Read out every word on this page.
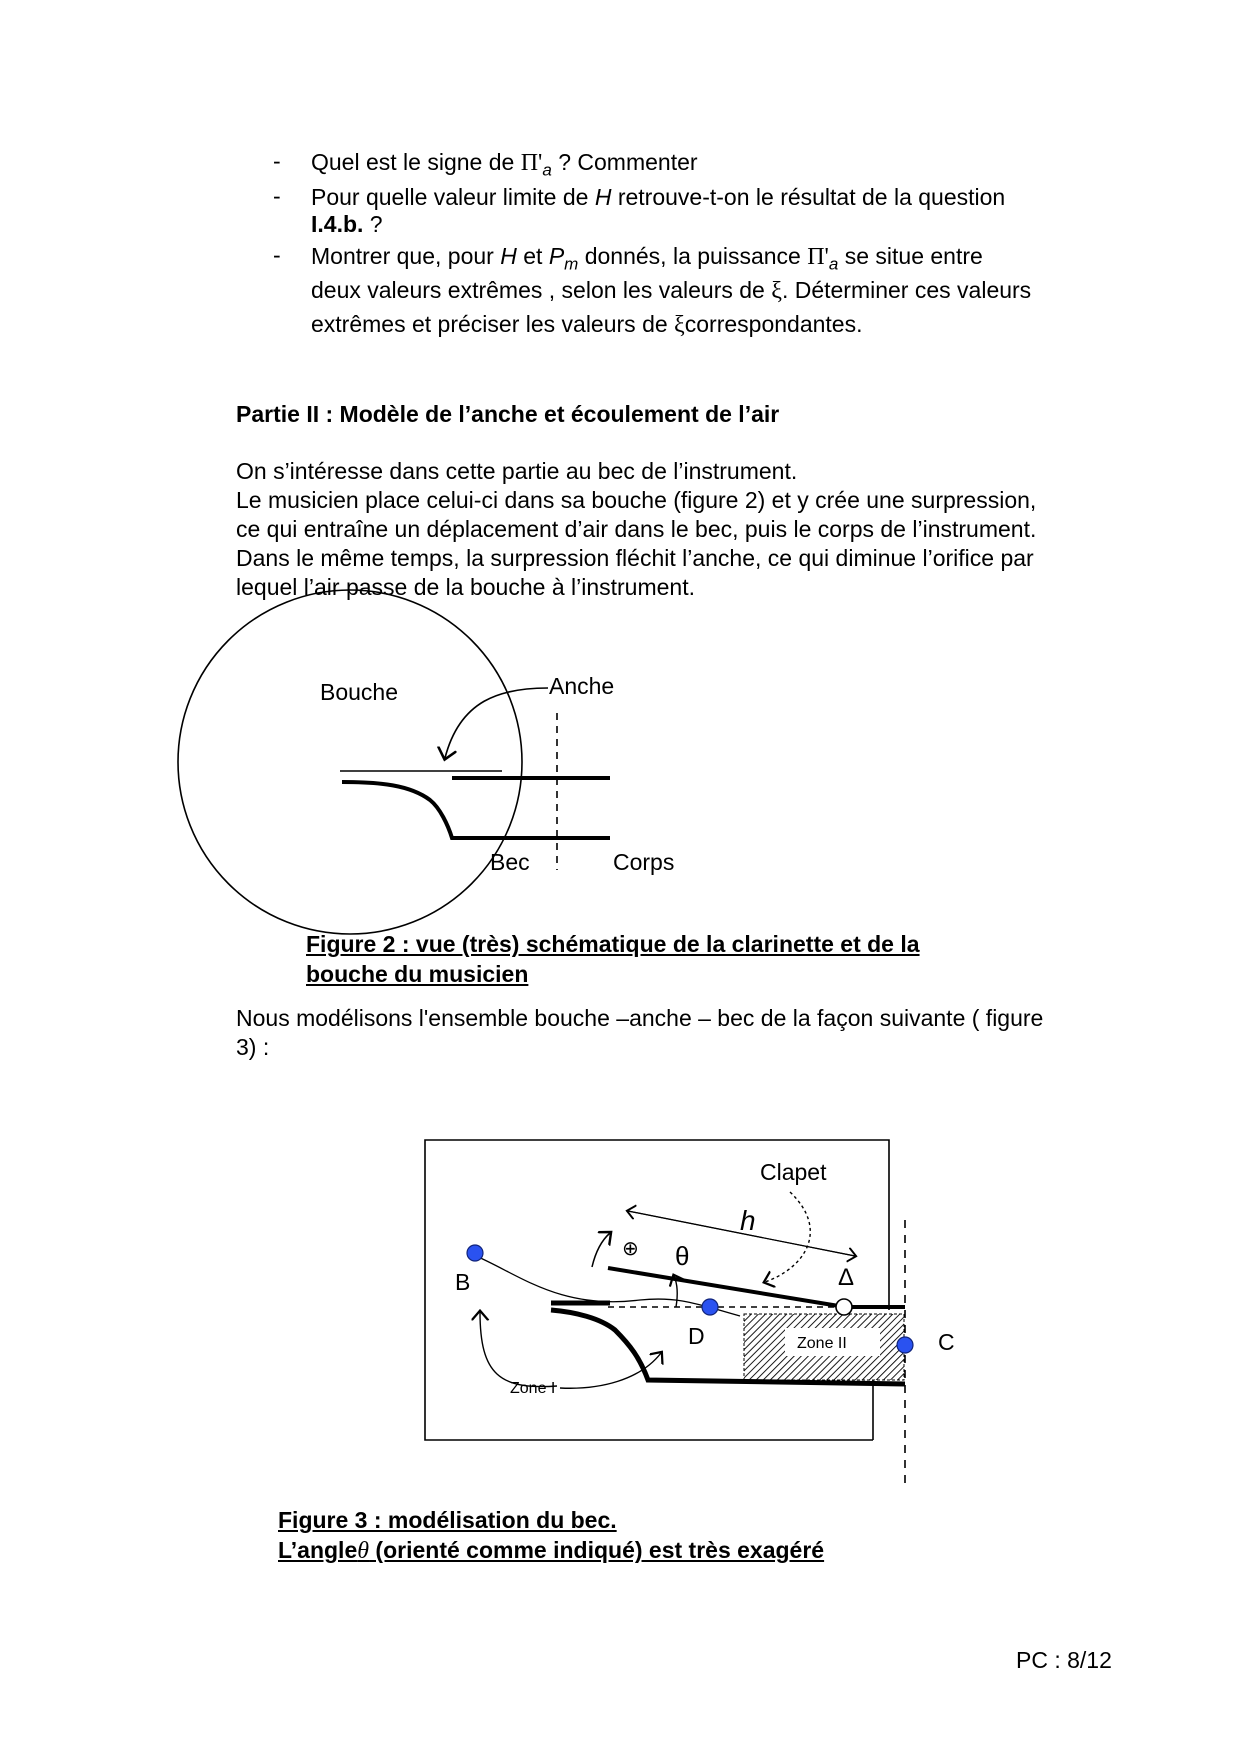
- Quel est le signe de $\Pi'_a$ ? Commenter
- Pour quelle valeur limite de H retrouve-t-on le résultat de la question
I.4.b. ?
- Montrer que, pour H et $P_m$ donnés, la puissance $\Pi'_a$ se situe entre
deux valeurs extrêmes , selon les valeurs de ξ. Déterminer ces valeurs
extrêmes et préciser les valeurs de ξcorrespondantes.
Partie II : Modèle de l’anche et écoulement de l’air
On s’intéresse dans cette partie au bec de l’instrument.
Le musicien place celui-ci dans sa bouche (figure 2) et y crée une surpression,
ce qui entraîne un déplacement d’air dans le bec, puis le corps de l’instrument.
Dans le même temps, la surpression fléchit l’anche, ce qui diminue l’orifice par
lequel l’air passe de la bouche à l’instrument.
Bouche	Anche
Bec	Corps
Clapet
h
⊕ θ
Δ
B
D	C
Zone I
Zone II
Figure 2 : vue (très) schématique de la clarinette et de la
bouche du musicien
Nous modélisons l'ensemble bouche –anche – bec de la façon suivante ( figure
3) :
Figure 3 : modélisation du bec.
L’angleθ (orienté comme indiqué) est très exagéré
PC : 8/12
